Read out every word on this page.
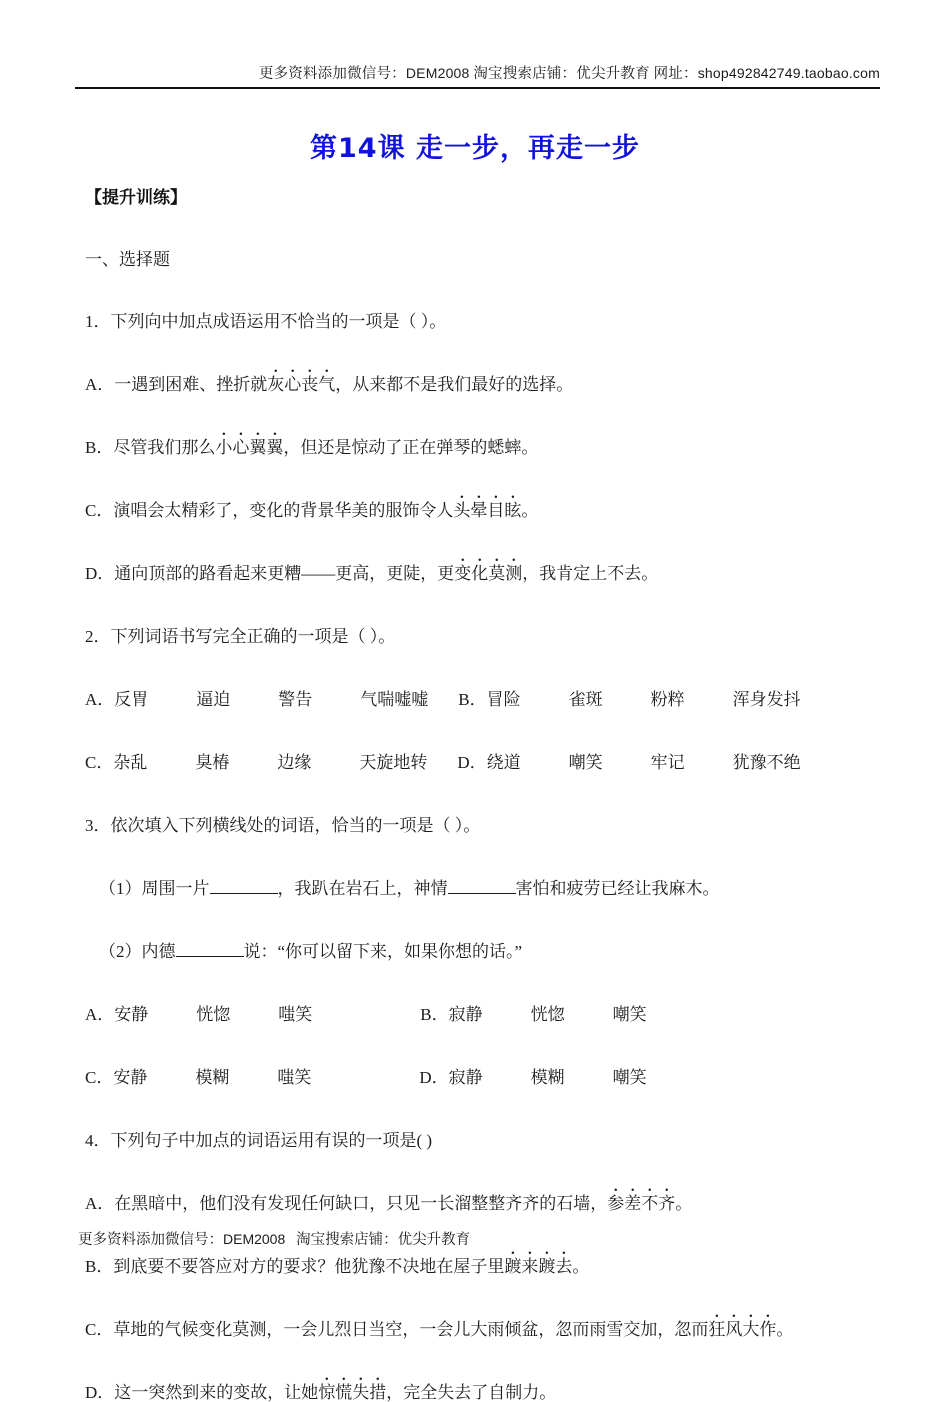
更多资料添加微信号：DEM2008 淘宝搜索店铺：优尖升教育 网址：shop492842749.taobao.com
第14课 走一步，再走一步
【提升训练】
一、选择题
1．下列向中加点成语运用不恰当的一项是（ ）。
A．一遇到困难、挫折就灰心丧气，从来都不是我们最好的选择。
B．尽管我们那么小心翼翼，但还是惊动了正在弹琴的蟋蟀。
C．演唱会太精彩了，变化的背景华美的服饰令人头晕目眩。
D．通向顶部的路看起来更糟——更高，更陡，更变化莫测，我肯定上不去。
2．下列词语书写完全正确的一项是（ ）。
A．反胃	逼迫	警告	气喘嘘嘘 B．冒险	雀斑	粉粹	浑身发抖
C．杂乱	臭椿	边缘	天旋地转 D．绕道	嘲笑	牢记	犹豫不绝
3．依次填入下列横线处的词语，恰当的一项是（ ）。
（1）周围一片	，我趴在岩石上，神情	害怕和疲劳已经让我麻木。
（2）内德	说：“你可以留下来，如果你想的话。”
A．安静	恍惚	嗤笑	B．寂静	恍惚	嘲笑
C．安静	模糊	嗤笑	D．寂静	模糊	嘲笑
4．下列句子中加点的词语运用有误的一项是( )
A．在黑暗中，他们没有发现任何缺口，只见一长溜整整齐齐的石墙，参差不齐。
B．到底要不要答应对方的要求？他犹豫不决地在屋子里踱来踱去。
C．草地的气候变化莫测，一会儿烈日当空，一会儿大雨倾盆，忽而雨雪交加，忽而狂风大作。
D．这一突然到来的变故，让她惊慌失措，完全失去了自制力。
更多资料添加微信号：DEM2008 淘宝搜索店铺：优尖升教育
